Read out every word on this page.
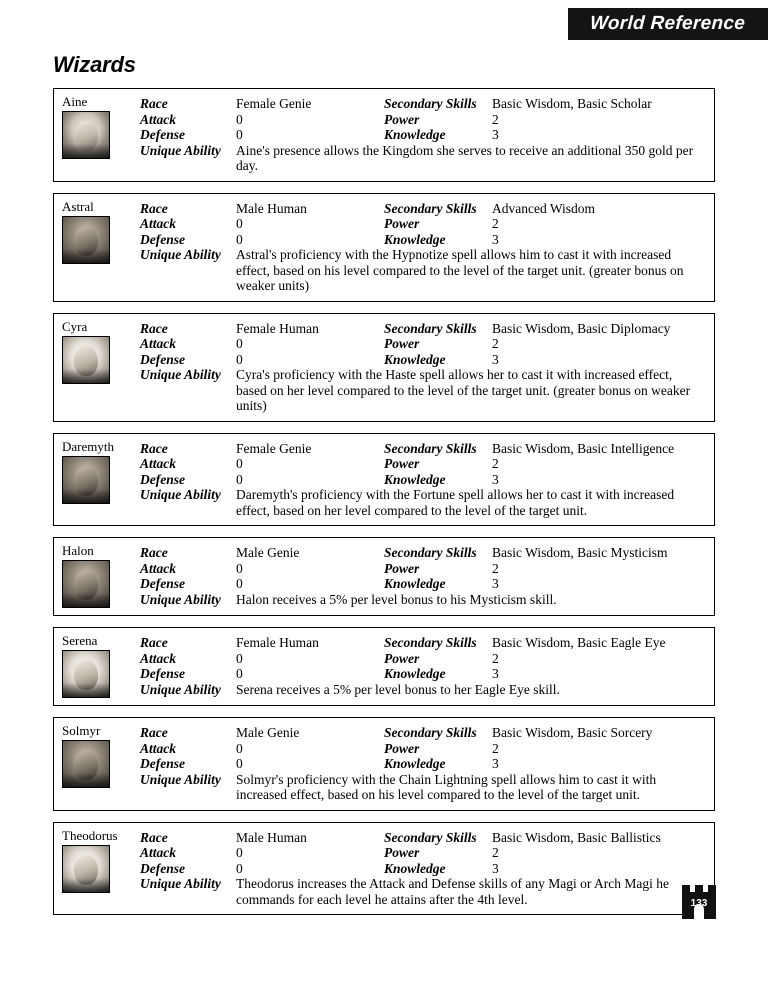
World Reference
Wizards
Aine	Race	Female Genie	Secondary Skills	Basic Wisdom, Basic Scholar
Attack	0	Power	2
Defense	0	Knowledge	3
Unique Ability	Aine's presence allows the Kingdom she serves to receive an additional 350 gold per day.
Astral	Race	Male Human	Secondary Skills	Advanced Wisdom
Attack	0	Power	2
Defense	0	Knowledge	3
Unique Ability	Astral's proficiency with the Hypnotize spell allows him to cast it with increased effect, based on his level compared to the level of the target unit. (greater bonus on weaker units)
Cyra	Race	Female Human	Secondary Skills	Basic Wisdom, Basic Diplomacy
Attack	0	Power	2
Defense	0	Knowledge	3
Unique Ability	Cyra's proficiency with the Haste spell allows her to cast it with increased effect, based on her level compared to the level of the target unit. (greater bonus on weaker units)
Daremyth	Race	Female Genie	Secondary Skills	Basic Wisdom, Basic Intelligence
Attack	0	Power	2
Defense	0	Knowledge	3
Unique Ability	Daremyth's proficiency with the Fortune spell allows her to cast it with increased effect, based on her level compared to the level of the target unit.
Halon	Race	Male Genie	Secondary Skills	Basic Wisdom, Basic Mysticism
Attack	0	Power	2
Defense	0	Knowledge	3
Unique Ability	Halon receives a 5% per level bonus to his Mysticism skill.
Serena	Race	Female Human	Secondary Skills	Basic Wisdom, Basic Eagle Eye
Attack	0	Power	2
Defense	0	Knowledge	3
Unique Ability	Serena receives a 5% per level bonus to her Eagle Eye skill.
Solmyr	Race	Male Genie	Secondary Skills	Basic Wisdom, Basic Sorcery
Attack	0	Power	2
Defense	0	Knowledge	3
Unique Ability	Solmyr's proficiency with the Chain Lightning spell allows him to cast it with increased effect, based on his level compared to the level of the target unit.
Theodorus	Race	Male Human	Secondary Skills	Basic Wisdom, Basic Ballistics
Attack	0	Power	2
Defense	0	Knowledge	3
Unique Ability	Theodorus increases the Attack and Defense skills of any Magi or Arch Magi he commands for each level he attains after the 4th level.	133
